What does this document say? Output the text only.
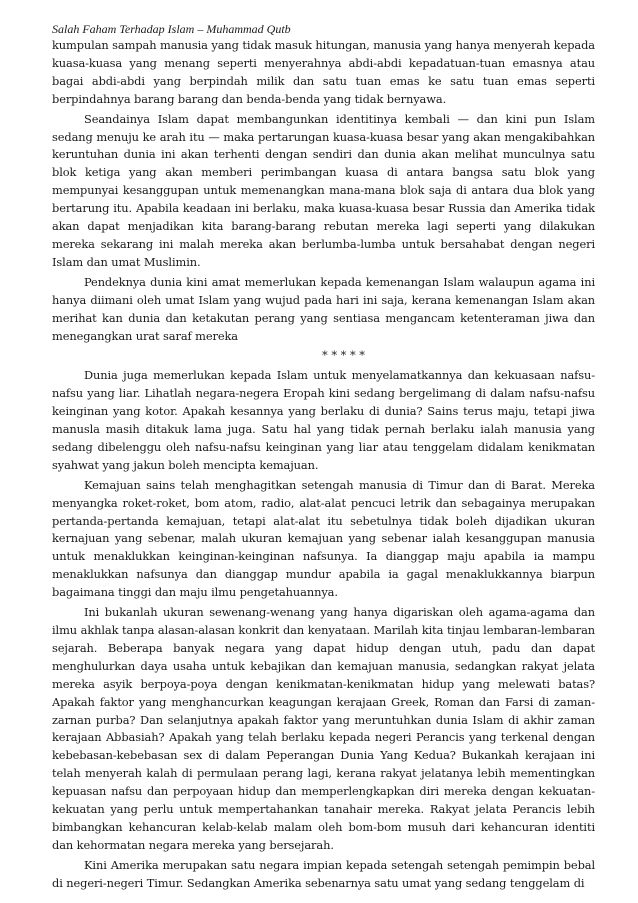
Salah Faham Terhadap Islam – Muhammad Qutb

kumpulan sampah manusia yang tidak masuk hitungan, manusia yang hanya menyerah kepada kuasa-kuasa yang menang seperti menyerahnya abdi-abdi kepadatuan-tuan emasnya atau bagai abdi-abdi yang berpindah milik dan satu tuan emas ke satu tuan emas seperti berpindahnya barang barang dan benda-benda yang tidak bernyawa.

Seandainya Islam dapat membangunkan identitinya kembali — dan kini pun Islam sedang menuju ke arah itu — maka pertarungan kuasa-kuasa besar yang akan mengakibahkan keruntuhan dunia ini akan terhenti dengan sendiri dan dunia akan melihat munculnya satu blok ketiga yang akan memberi perimbangan kuasa di antara bangsa satu blok yang mempunyai kesanggupan untuk memenangkan mana-mana blok saja di antara dua blok yang bertarung itu. Apabila keadaan ini berlaku, maka kuasa-kuasa besar Russia dan Amerika tidak akan dapat menjadikan kita barang-barang rebutan mereka lagi seperti yang dilakukan mereka sekarang ini malah mereka akan berlumba-lumba untuk bersahabat dengan negeri Islam dan umat Muslimin.

Pendeknya dunia kini amat memerlukan kepada kemenangan Islam walaupun agama ini hanya diimani oleh umat Islam yang wujud pada hari ini saja, kerana kemenangan Islam akan merihat kan dunia dan ketakutan perang yang sentiasa mengancam ketenteraman jiwa dan menegangkan urat saraf mereka

* * * * *

Dunia juga memerlukan kepada Islam untuk menyelamatkannya dan kekuasaan nafsu-nafsu yang liar. Lihatlah negara-negera Eropah kini sedang bergelimang di dalam nafsu-nafsu keinginan yang kotor. Apakah kesannya yang berlaku di dunia? Sains terus maju, tetapi jiwa manusla masih ditakuk lama juga. Satu hal yang tidak pernah berlaku ialah manusia yang sedang dibelenggu oleh nafsu-nafsu keinginan yang liar atau tenggelam didalam kenikmatan syahwat yang jakun boleh mencipta kemajuan.

Kemajuan sains telah menghagitkan setengah manusia di Timur dan di Barat. Mereka menyangka roket-roket, bom atom, radio, alat-alat pencuci letrik dan sebagainya merupakan pertanda-pertanda kemajuan, tetapi alat-alat itu sebetulnya tidak boleh dijadikan ukuran kernajuan yang sebenar, malah ukuran kemajuan yang sebenar ialah kesanggupan manusia untuk menaklukkan keinginan-keinginan nafsunya. Ia dianggap maju apabila ia mampu menaklukkan nafsunya dan dianggap mundur apabila ia gagal menaklukkannya biarpun bagaimana tinggi dan maju ilmu pengetahuannya.

Ini bukanlah ukuran sewenang-wenang yang hanya digariskan oleh agama-agama dan ilmu akhlak tanpa alasan-alasan konkrit dan kenyataan. Marilah kita tinjau lembaran-lembaran sejarah. Beberapa banyak negara yang dapat hidup dengan utuh, padu dan dapat menghulurkan daya usaha untuk kebajikan dan kemajuan manusia, sedangkan rakyat jelata mereka asyik berpoya-poya dengan kenikmatan-kenikmatan hidup yang melewati batas? Apakah faktor yang menghancurkan keagungan kerajaan Greek, Roman dan Farsi di zaman-zarnan purba? Dan selanjutnya apakah faktor yang meruntuhkan dunia Islam di akhir zaman kerajaan Abbasiah? Apakah yang telah berlaku kepada negeri Perancis yang terkenal dengan kebebasan-kebebasan sex di dalam Peperangan Dunia Yang Kedua? Bukankah kerajaan ini telah menyerah kalah di permulaan perang lagi, kerana rakyat jelatanya lebih mementingkan kepuasan nafsu dan perpoyaan hidup dan memperlengkapkan diri mereka dengan kekuatan-kekuatan yang perlu untuk mempertahankan tanahair mereka. Rakyat jelata Perancis lebih bimbangkan kehancuran kelab-kelab malam oleh bom-bom musuh dari kehancuran identiti dan kehormatan negara mereka yang bersejarah.

Kini Amerika merupakan satu negara impian kepada setengah setengah pemimpin bebal di negeri-negeri Timur. Sedangkan Amerika sebenarnya satu umat yang sedang tenggelam di
